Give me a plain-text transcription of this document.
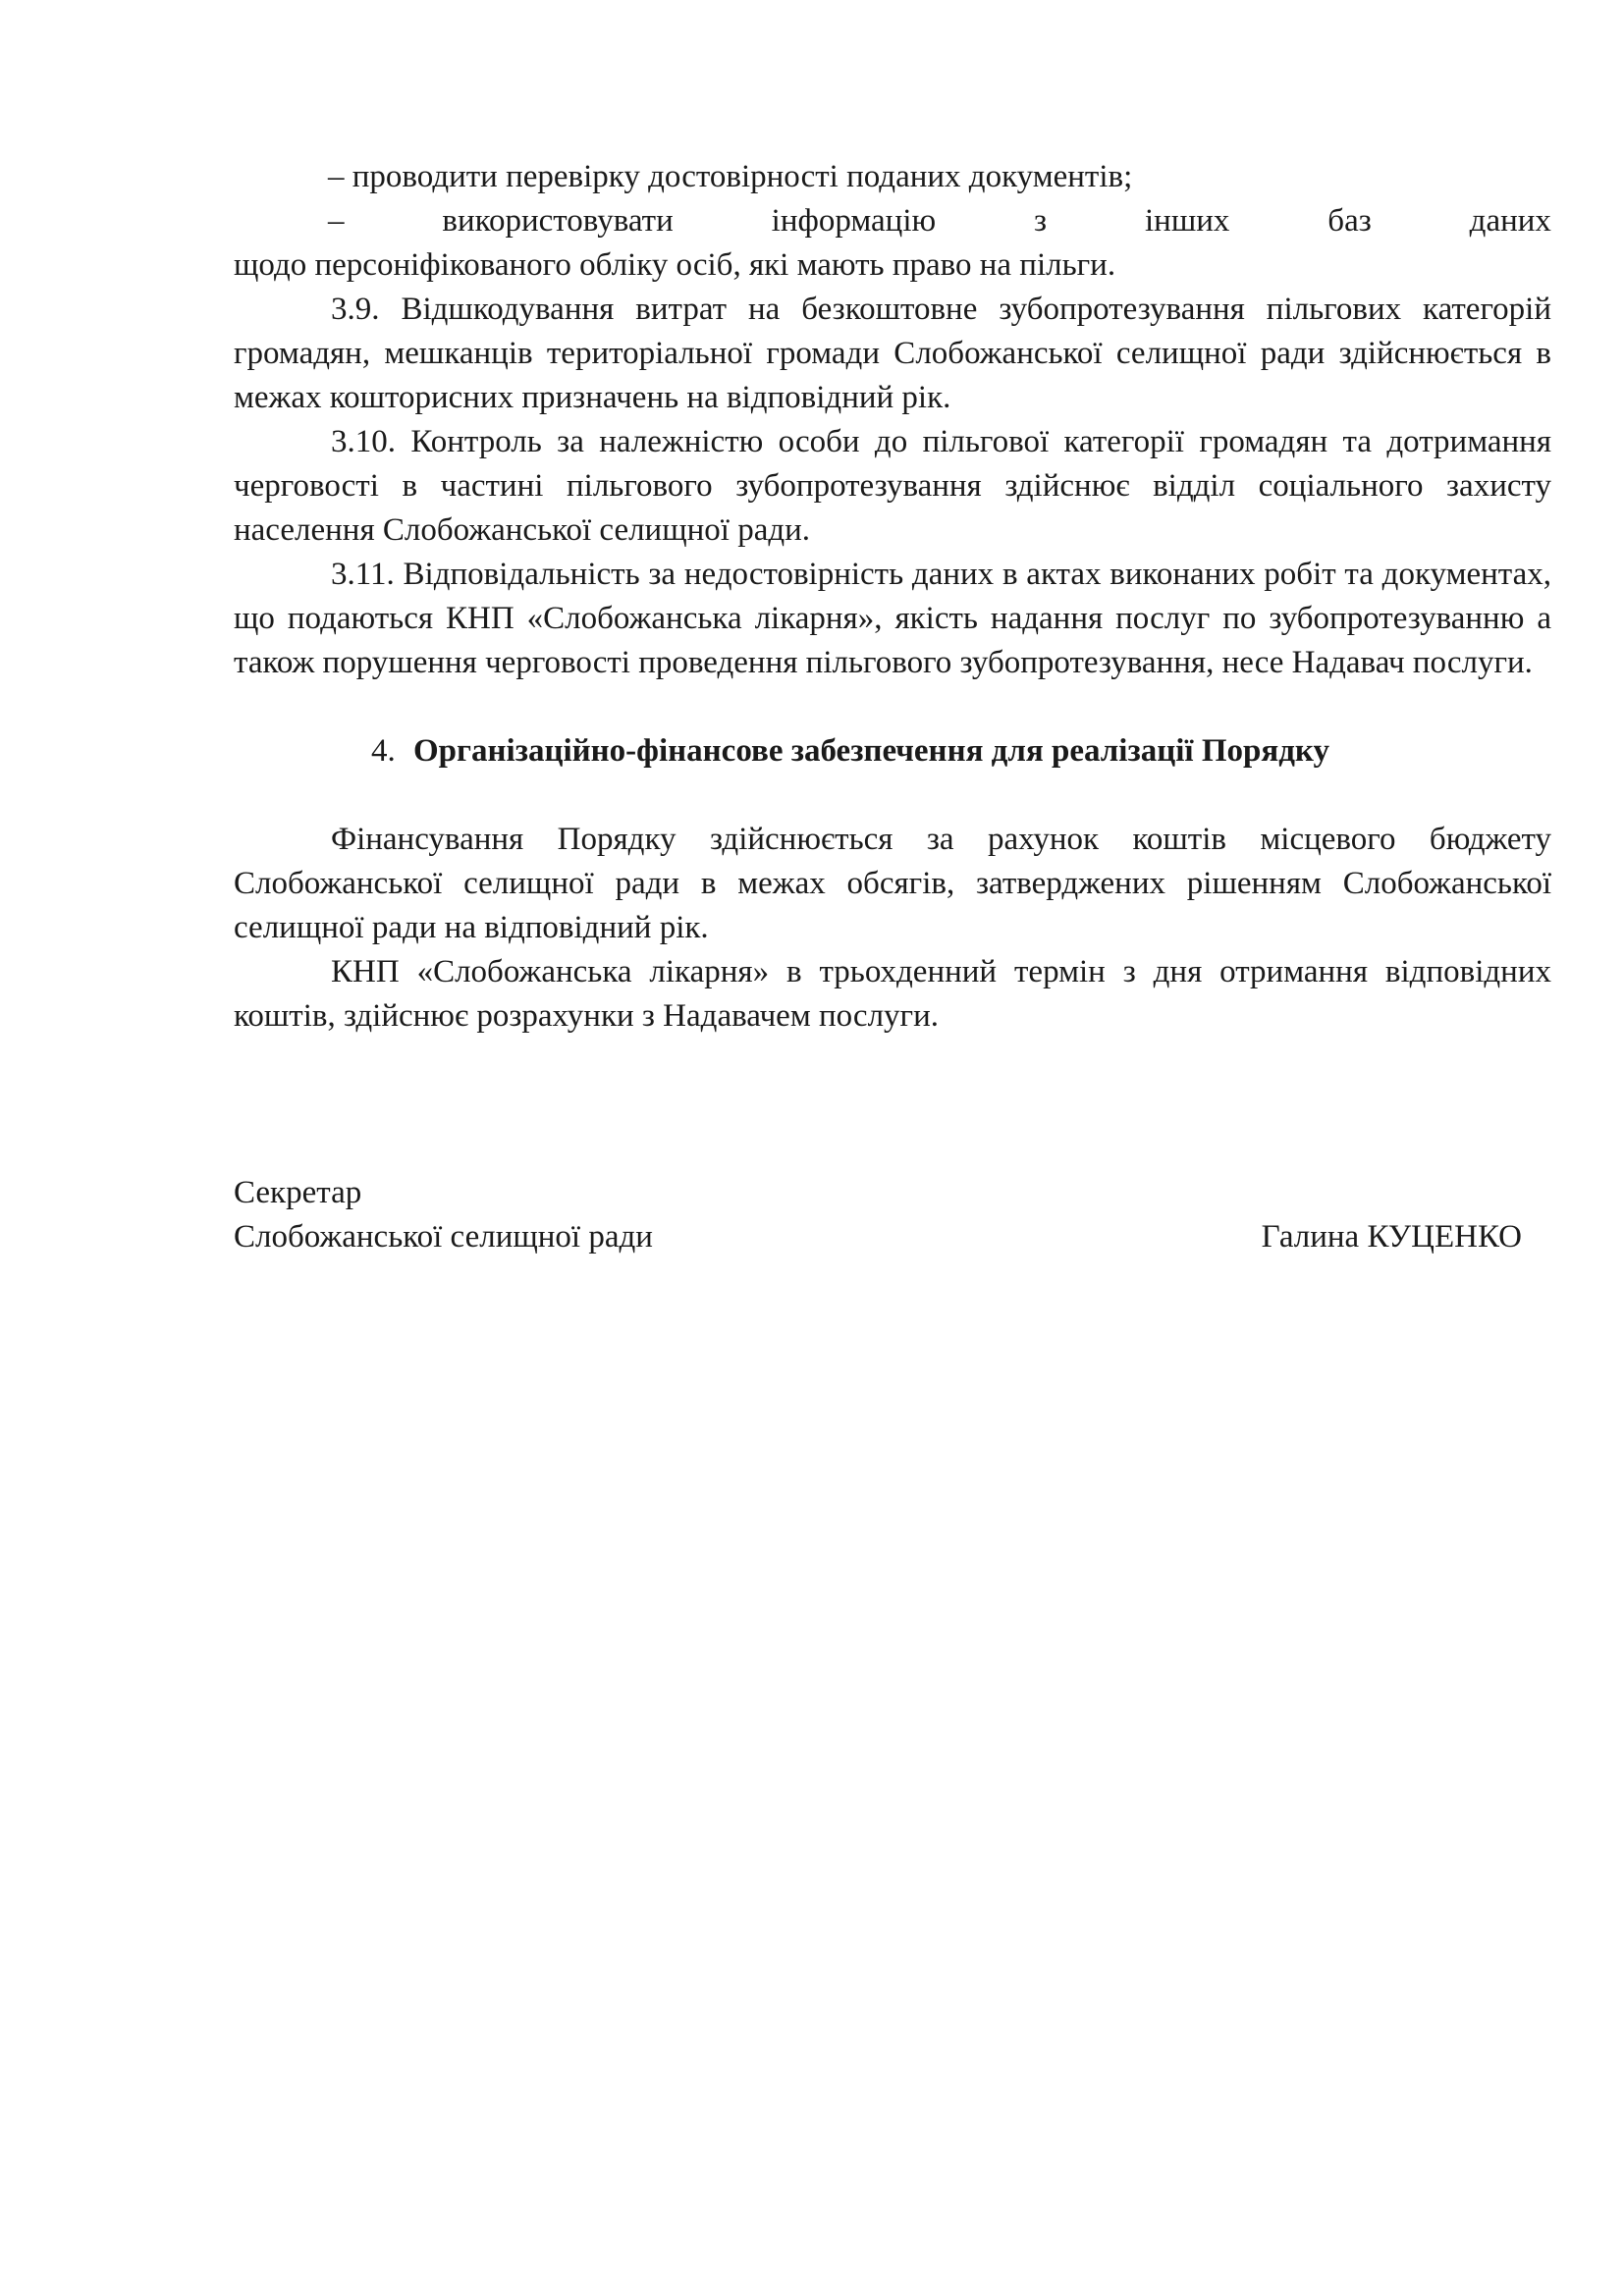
– проводити перевірку достовірності поданих документів;

–	використовувати	інформацію	з	інших	баз	даних

щодо персоніфікованого обліку осіб, які мають право на пільги.

3.9. Відшкодування витрат на безкоштовне зубопротезування пільгових категорій громадян, мешканців територіальної громади Слобожанської селищної ради здійснюється в межах кошторисних призначень на відповідний рік.

3.10. Контроль за належністю особи до пільгової категорії громадян та дотримання черговості в частині пільгового зубопротезування здійснює відділ соціального захисту населення Слобожанської селищної ради.

3.11. Відповідальність за недостовірність даних в актах виконаних робіт та документах, що подаються КНП «Слобожанська лікарня», якість надання послуг по зубопротезуванню а також порушення черговості проведення пільгового зубопротезування, несе Надавач послуги.

4. Організаційно-фінансове забезпечення для реалізації Порядку

Фінансування Порядку здійснюється за рахунок коштів місцевого бюджету Слобожанської селищної ради в межах обсягів, затверджених рішенням Слобожанської селищної ради на відповідний рік.

КНП «Слобожанська лікарня» в трьохденний термін з дня отримання відповідних коштів, здійснює розрахунки з Надавачем послуги.

Секретар
Слобожанської селищної ради	Галина КУЦЕНКО
